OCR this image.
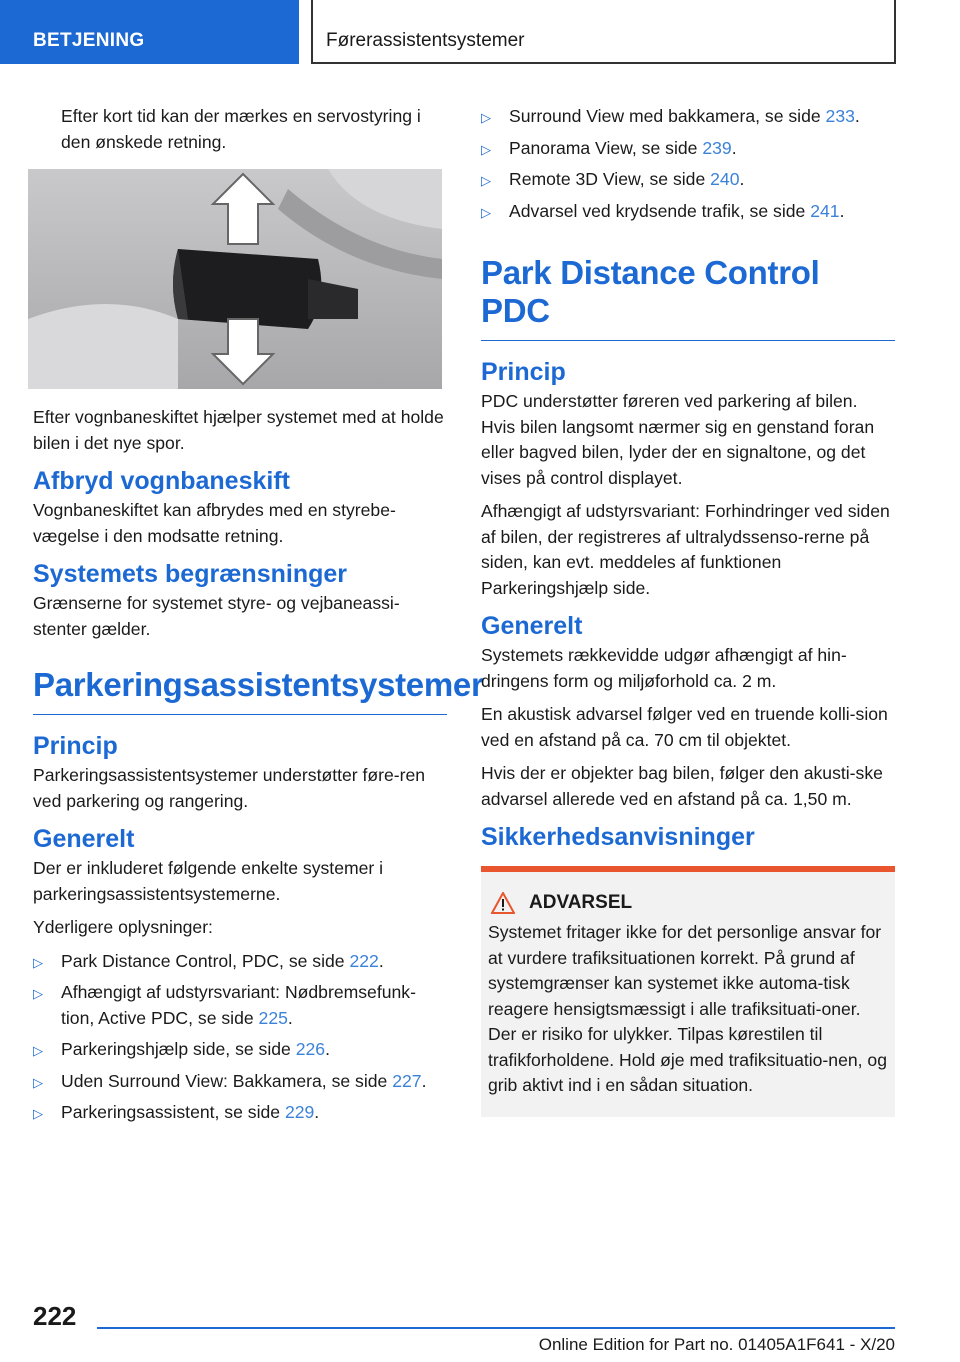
BETJENING	Førerassistentsystemer

Efter kort tid kan der mærkes en servostyring i den ønskede retning.

Efter vognbaneskiftet hjælper systemet med at holde bilen i det nye spor.

Afbryd vognbaneskift

Vognbaneskiftet kan afbrydes med en styrebe-vægelse i den modsatte retning.

Systemets begrænsninger

Grænserne for systemet styre- og vejbaneassi-stenter gælder.

Parkeringsassistentsystemer
Princip

Parkeringsassistentsystemer understøtter føre-ren ved parkering og rangering.

Generelt

Der er inkluderet følgende enkelte systemer i parkeringsassistentsystemerne.

Yderligere oplysninger:

▷ Park Distance Control, PDC, se side 222.
▷ Afhængigt af udstyrsvariant: Nødbremsefunk-tion, Active PDC, se side 225.
▷ Parkeringshjælp side, se side 226.
▷ Uden Surround View: Bakkamera, se side 227.
▷ Parkeringsassistent, se side 229.
▷ Surround View med bakkamera, se side 233.
▷ Panorama View, se side 239.
▷ Remote 3D View, se side 240.
▷ Advarsel ved krydsende trafik, se side 241.
Park Distance Control PDC
Princip

PDC understøtter føreren ved parkering af bilen. Hvis bilen langsomt nærmer sig en genstand foran eller bagved bilen, lyder der en signaltone, og det vises på control displayet.

Afhængigt af udstyrsvariant: Forhindringer ved siden af bilen, der registreres af ultralydssenso-rerne på siden, kan evt. meddeles af funktionen Parkeringshjælp side.

Generelt

Systemets rækkevidde udgør afhængigt af hin-dringens form og miljøforhold ca. 2 m.

En akustisk advarsel følger ved en truende kolli-sion ved en afstand på ca. 70 cm til objektet.

Hvis der er objekter bag bilen, følger den akusti-ske advarsel allerede ved en afstand på ca. 1,50 m.

Sikkerhedsanvisninger
ADVARSEL

Systemet fritager ikke for det personlige ansvar for at vurdere trafiksituationen korrekt. På grund af systemgrænser kan systemet ikke automa-tisk reagere hensigtsmæssigt i alle trafiksituati-oner. Der er risiko for ulykker. Tilpas kørestilen til trafikforholdene. Hold øje med trafiksituatio-nen, og grib aktivt ind i en sådan situation.

222
Online Edition for Part no. 01405A1F641 - X/20
